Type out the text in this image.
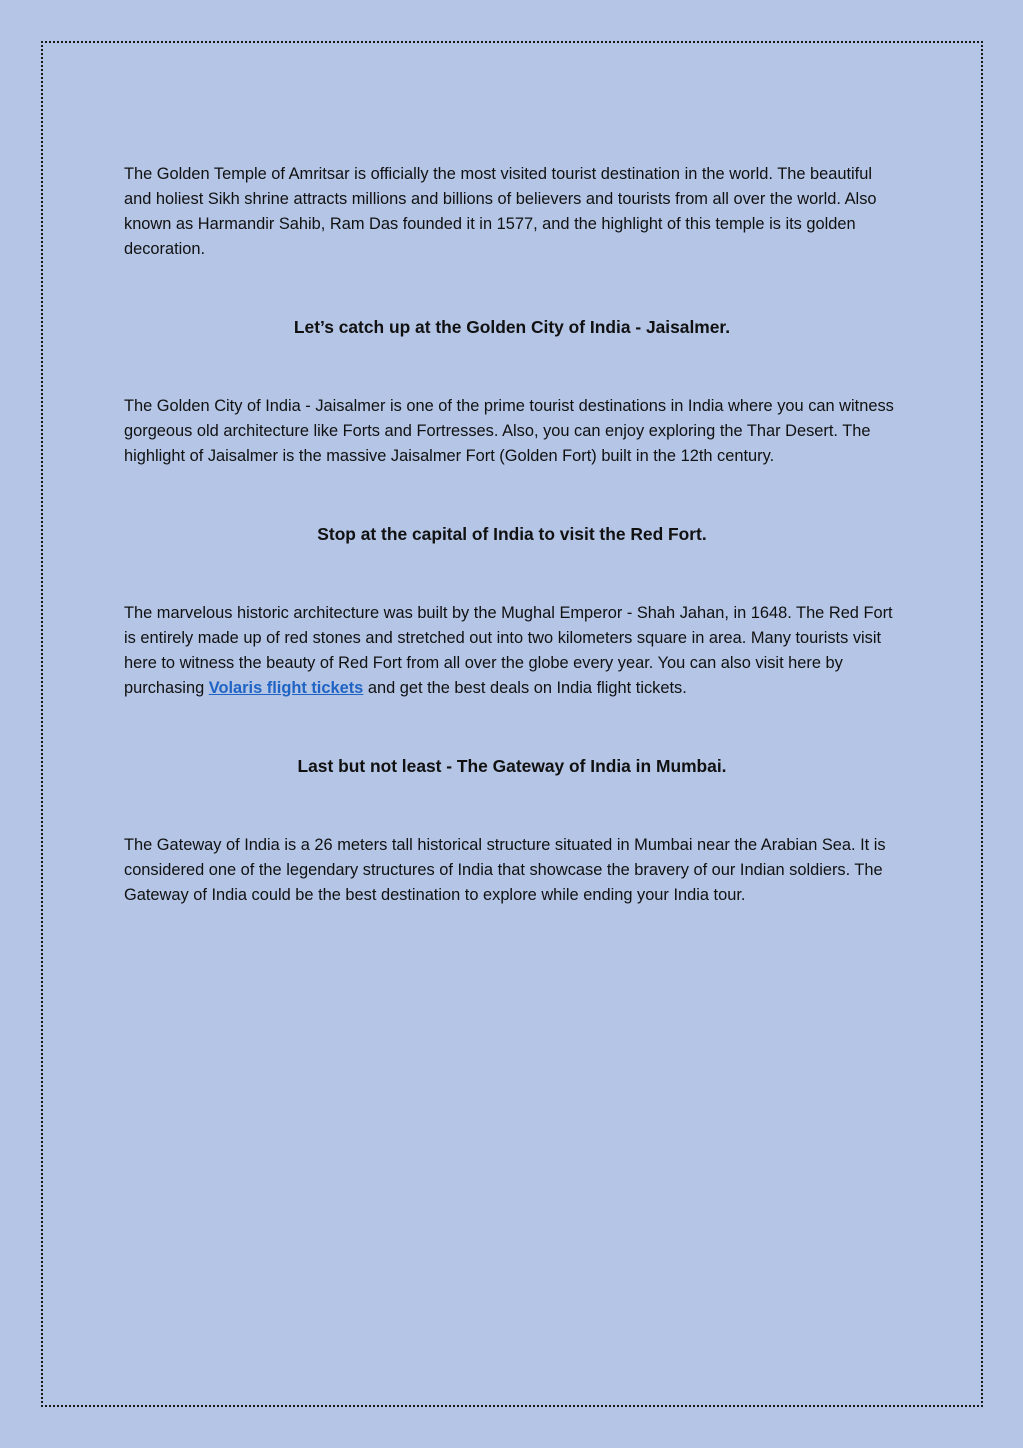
The Golden Temple of Amritsar is officially the most visited tourist destination in the world. The beautiful and holiest Sikh shrine attracts millions and billions of believers and tourists from all over the world. Also known as Harmandir Sahib, Ram Das founded it in 1577, and the highlight of this temple is its golden decoration.

Let’s catch up at the Golden City of India - Jaisalmer.

The Golden City of India - Jaisalmer is one of the prime tourist destinations in India where you can witness gorgeous old architecture like Forts and Fortresses. Also, you can enjoy exploring the Thar Desert. The highlight of Jaisalmer is the massive Jaisalmer Fort (Golden Fort) built in the 12th century.

Stop at the capital of India to visit the Red Fort.

The marvelous historic architecture was built by the Mughal Emperor - Shah Jahan, in 1648. The Red Fort is entirely made up of red stones and stretched out into two kilometers square in area. Many tourists visit here to witness the beauty of Red Fort from all over the globe every year. You can also visit here by purchasing Volaris flight tickets and get the best deals on India flight tickets.

Last but not least - The Gateway of India in Mumbai.

The Gateway of India is a 26 meters tall historical structure situated in Mumbai near the Arabian Sea. It is considered one of the legendary structures of India that showcase the bravery of our Indian soldiers. The Gateway of India could be the best destination to explore while ending your India tour.
